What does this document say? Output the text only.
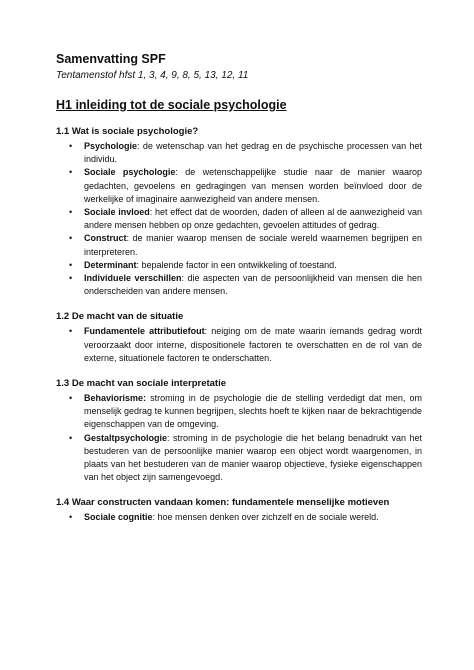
Samenvatting SPF

Tentamenstof hfst 1, 3, 4, 9, 8, 5, 13, 12, 11

H1 inleiding tot de sociale psychologie
1.1 Wat is sociale psychologie?
• Psychologie: de wetenschap van het gedrag en de psychische processen van het individu.
• Sociale psychologie: de wetenschappelijke studie naar de manier waarop gedachten, gevoelens en gedragingen van mensen worden beïnvloed door de werkelijke of imaginaire aanwezigheid van andere mensen.
• Sociale invloed: het effect dat de woorden, daden of alleen al de aanwezigheid van andere mensen hebben op onze gedachten, gevoelen attitudes of gedrag.
• Construct: de manier waarop mensen de sociale wereld waarnemen begrijpen en interpreteren.
• Determinant: bepalende factor in een ontwikkeling of toestand.
• Individuele verschillen: die aspecten van de persoonlijkheid van mensen die hen onderscheiden van andere mensen.
1.2 De macht van de situatie
• Fundamentele attributiefout: neiging om de mate waarin iemands gedrag wordt veroorzaakt door interne, dispositionele factoren te overschatten en de rol van de externe, situationele factoren te onderschatten.
1.3 De macht van sociale interpretatie
• Behaviorisme: stroming in de psychologie die de stelling verdedigt dat men, om menselijk gedrag te kunnen begrijpen, slechts hoeft te kijken naar de bekrachtigende eigenschappen van de omgeving.
• Gestaltpsychologie: stroming in de psychologie die het belang benadrukt van het bestuderen van de persoonlijke manier waarop een object wordt waargenomen, in plaats van het bestuderen van de manier waarop objectieve, fysieke eigenschappen van het object zijn samengevoegd.
1.4 Waar constructen vandaan komen: fundamentele menselijke motieven
• Sociale cognitie: hoe mensen denken over zichzelf en de sociale wereld.
